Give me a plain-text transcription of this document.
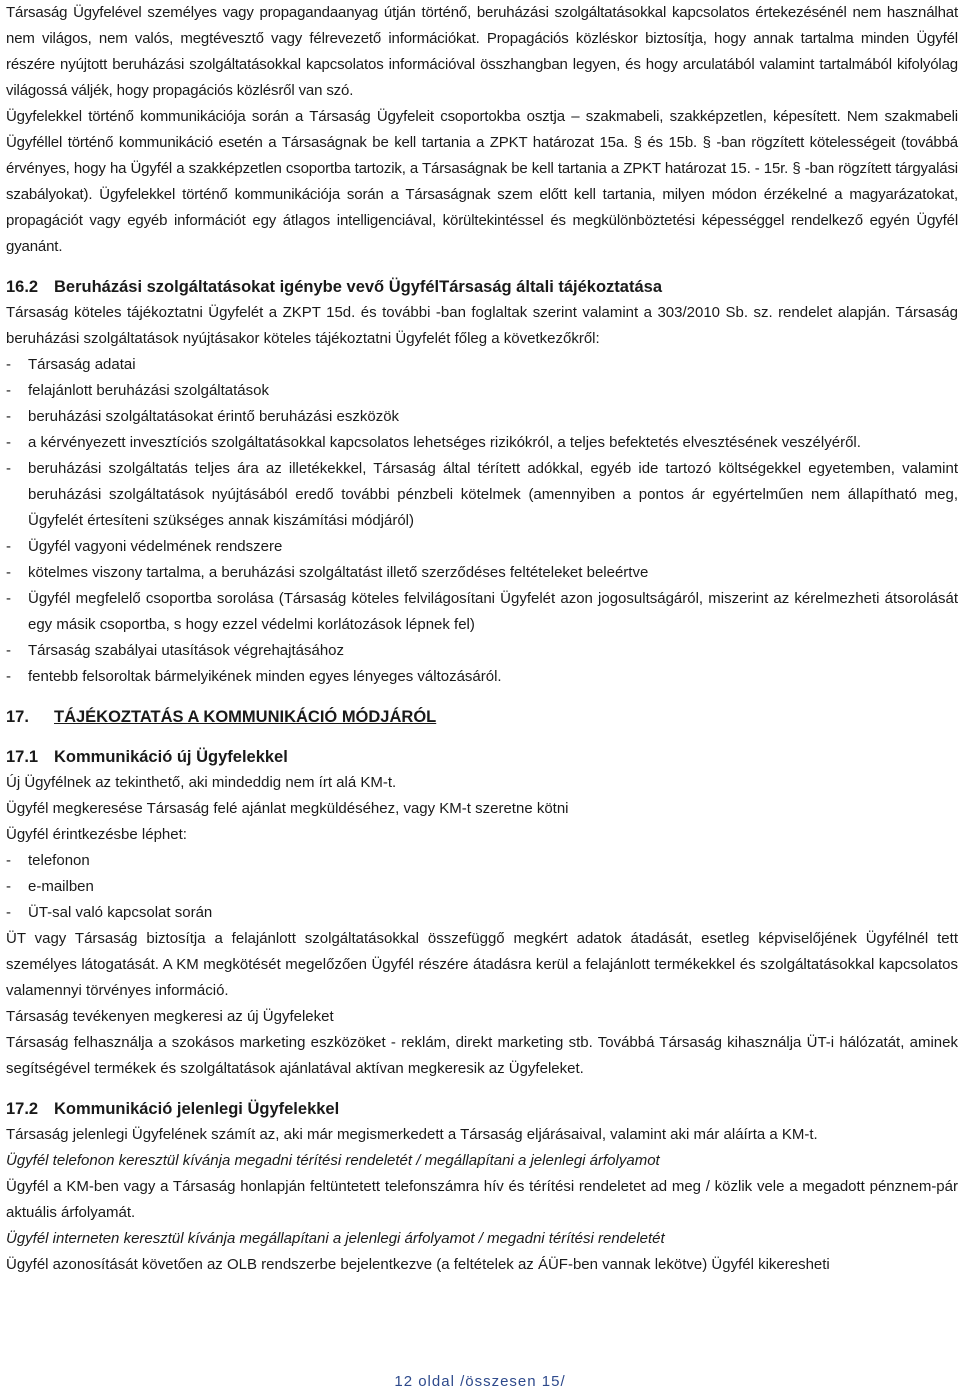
Társaság Ügyfelével személyes vagy propagandaanyag útján történő, beruházási szolgáltatásokkal kapcsolatos értekezésénél nem használhat nem világos, nem valós, megtévesztő vagy félrevezető információkat. Propagációs közléskor biztosítja, hogy annak tartalma minden Ügyfél részére nyújtott beruházási szolgáltatásokkal kapcsolatos információval összhangban legyen, és hogy arculatából valamint tartalmából kifolyólag világossá váljék, hogy propagációs közlésről van szó.

Ügyfelekkel történő kommunikációja során a Társaság Ügyfeleit csoportokba osztja – szakmabeli, szakképzetlen, képesített. Nem szakmabeli Ügyféllel történő kommunikáció esetén a Társaságnak be kell tartania a ZPKT határozat 15a. § és 15b. § -ban rögzített kötelességeit (továbbá érvényes, hogy ha Ügyfél a szakképzetlen csoportba tartozik, a Társaságnak be kell tartania a ZPKT határozat 15. - 15r. § -ban rögzített tárgyalási szabályokat). Ügyfelekkel történő kommunikációja során a Társaságnak szem előtt kell tartania, milyen módon érzékelné a magyarázatokat, propagációt vagy egyéb információt egy átlagos intelligenciával, körültekintéssel és megkülönböztetési képességgel rendelkező egyén Ügyfél gyanánt.

16.2 Beruházási szolgáltatásokat igénybe vevő ÜgyfélTársaság általi tájékoztatása

Társaság köteles tájékoztatni Ügyfelét a ZKPT 15d. és további -ban foglaltak szerint valamint a 303/2010 Sb. sz. rendelet alapján. Társaság beruházási szolgáltatások nyújtásakor köteles tájékoztatni Ügyfelét főleg a következőkről:

- Társaság adatai
- felajánlott beruházási szolgáltatások
- beruházási szolgáltatásokat érintő beruházási eszközök
- a kérvényezett invesztíciós szolgáltatásokkal kapcsolatos lehetséges rizikókról, a teljes befektetés elvesztésének veszélyéről.
- beruházási szolgáltatás teljes ára az illetékekkel, Társaság által térített adókkal, egyéb ide tartozó költségekkel egyetemben, valamint beruházási szolgáltatások nyújtásából eredő további pénzbeli kötelmek (amennyiben a pontos ár egyértelműen nem állapítható meg, Ügyfelét értesíteni szükséges annak kiszámítási módjáról)
- Ügyfél vagyoni védelmének rendszere
- kötelmes viszony tartalma, a beruházási szolgáltatást illető szerződéses feltételeket beleértve
- Ügyfél megfelelő csoportba sorolása (Társaság köteles felvilágosítani Ügyfelét azon jogosultságáról, miszerint az kérelmezheti átsorolását egy másik csoportba, s hogy ezzel védelmi korlátozások lépnek fel)
- Társaság szabályai utasítások végrehajtásához
- fentebb felsoroltak bármelyikének minden egyes lényeges változásáról.
17. TÁJÉKOZTATÁS A KOMMUNIKÁCIÓ MÓDJÁRÓL
17.1 Kommunikáció új Ügyfelekkel

Új Ügyfélnek az tekinthető, aki mindeddig nem írt alá KM-t.

Ügyfél megkeresése Társaság felé ajánlat megküldéséhez, vagy KM-t szeretne kötni

Ügyfél érintkezésbe léphet:

- telefonon
- e-mailben
- ÜT-sal való kapcsolat során

ÜT vagy Társaság biztosítja a felajánlott szolgáltatásokkal összefüggő megkért adatok átadását, esetleg képviselőjének Ügyfélnél tett személyes látogatását. A KM megkötését megelőzően Ügyfél részére átadásra kerül a felajánlott termékekkel és szolgáltatásokkal kapcsolatos valamennyi törvényes információ.

Társaság tevékenyen megkeresi az új Ügyfeleket

Társaság felhasználja a szokásos marketing eszközöket - reklám, direkt marketing stb. Továbbá Társaság kihasználja ÜT-i hálózatát, aminek segítségével termékek és szolgáltatások ajánlatával aktívan megkeresik az Ügyfeleket.

17.2 Kommunikáció jelenlegi Ügyfelekkel

Társaság jelenlegi Ügyfelének számít az, aki már megismerkedett a Társaság eljárásaival, valamint aki már aláírta a KM-t.

Ügyfél telefonon keresztül kívánja megadni térítési rendeletét / megállapítani a jelenlegi árfolyamot

Ügyfél a KM-ben vagy a Társaság honlapján feltüntetett telefonszámra hív és térítési rendeletet ad meg / közlik vele a megadott pénznem-pár aktuális árfolyamát.

Ügyfél interneten keresztül kívánja megállapítani a jelenlegi árfolyamot / megadni térítési rendeletét

Ügyfél azonosítását követően az OLB rendszerbe bejelentkezve (a feltételek az ÁÜF-ben vannak lekötve) Ügyfél kikeresheti

12 oldal /összesen 15/
